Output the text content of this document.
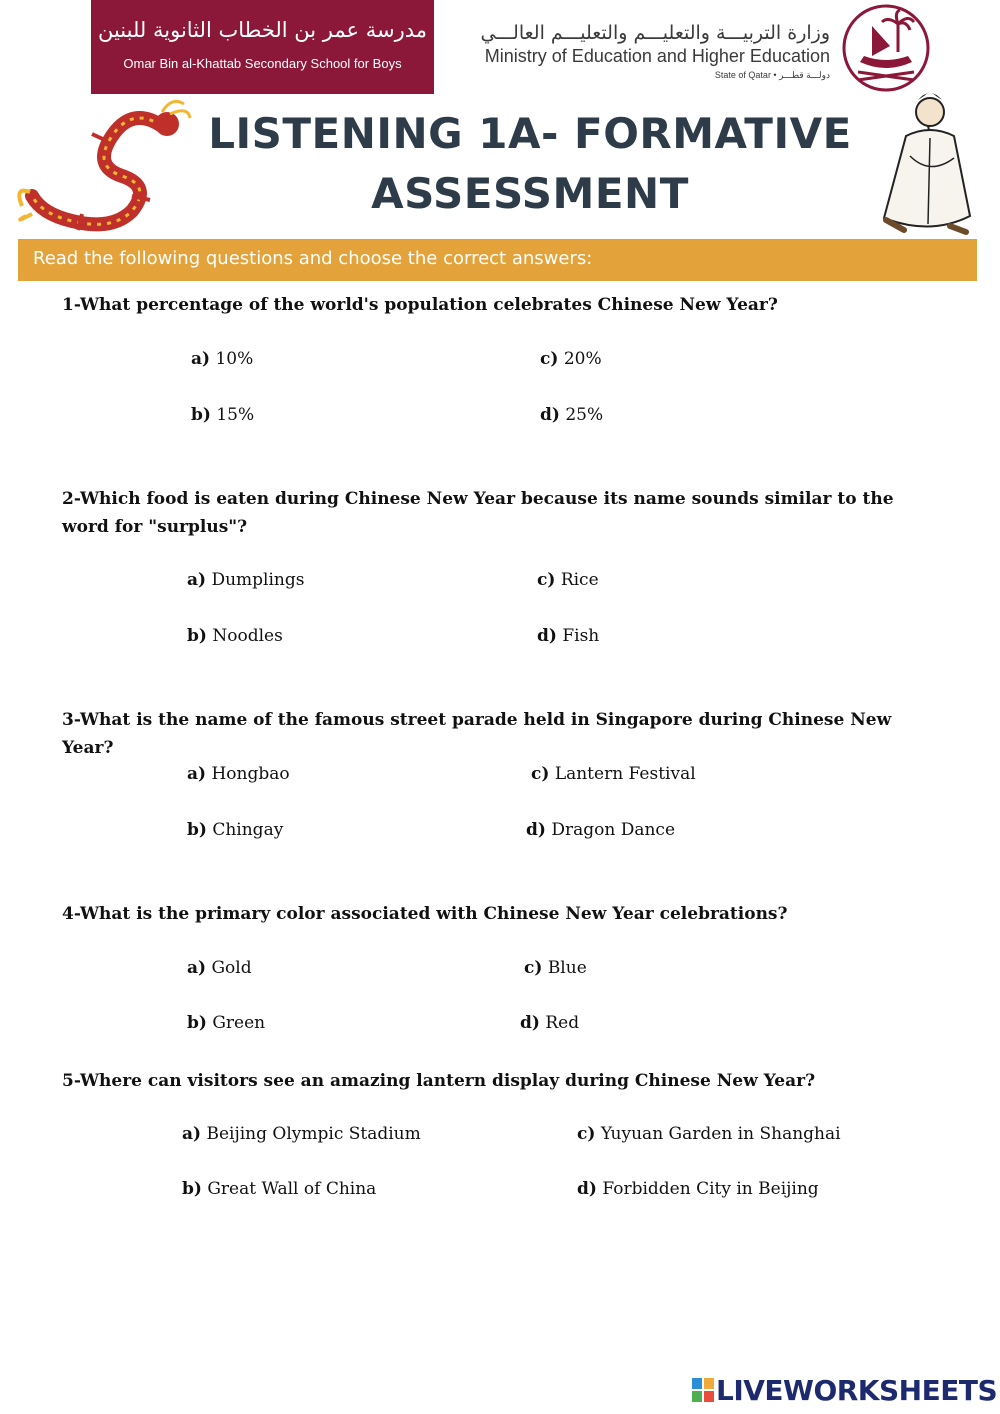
مدرسة عمر بن الخطاب الثانوية للبنين
Omar Bin al-Khattab Secondary School for Boys
وزارة التربيـــة والتعليـــم والتعليـــم العالـــي
Ministry of Education and Higher Education
State of Qatar • دولـــة قطـــر
LISTENING 1A- FORMATIVE
ASSESSMENT
Read the following questions and choose the correct answers:
1-What percentage of the world's population celebrates Chinese New Year?
a) 10%
b) 15%
c) 20%
d) 25%
2-Which food is eaten during Chinese New Year because its name sounds similar to the word for "surplus"?
a) Dumplings
b) Noodles
c) Rice
d) Fish
3-What is the name of the famous street parade held in Singapore during Chinese New Year?
a) Hongbao
b) Chingay
c) Lantern Festival
d) Dragon Dance
4-What is the primary color associated with Chinese New Year celebrations?
a) Gold
b) Green
c) Blue
d) Red
5-Where can visitors see an amazing lantern display during Chinese New Year?
a) Beijing Olympic Stadium
b) Great Wall of China
c) Yuyuan Garden in Shanghai
d) Forbidden City in Beijing
LIVEWORKSHEETS
